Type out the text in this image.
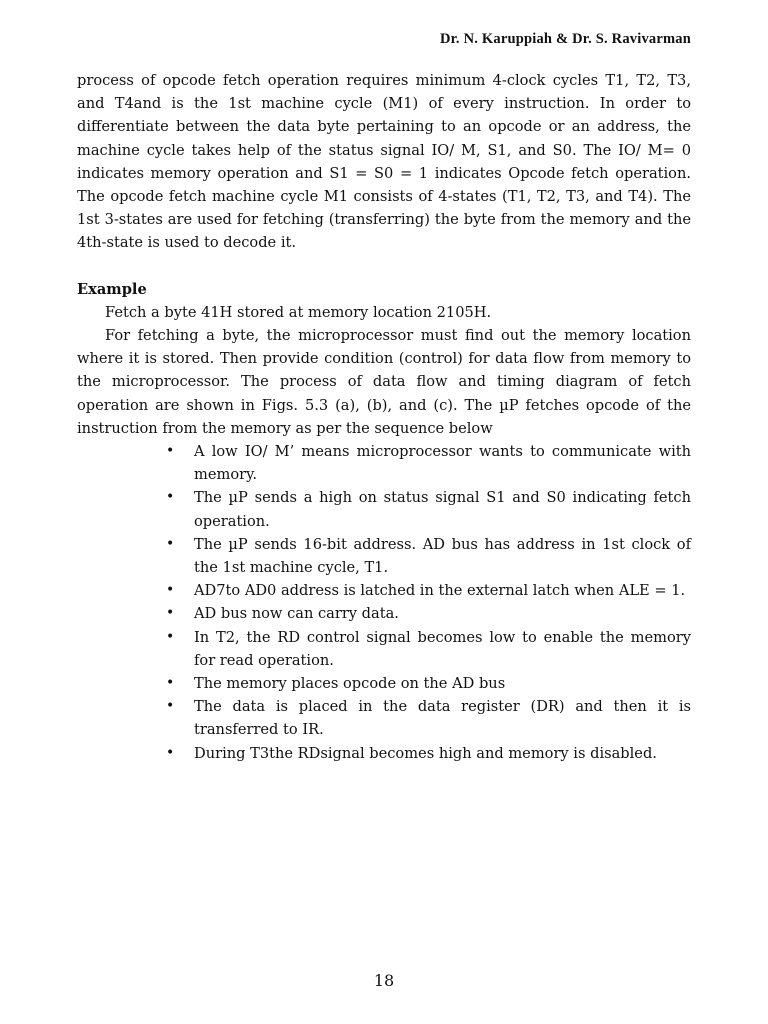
Dr. N. Karuppiah & Dr. S. Ravivarman

process of opcode fetch operation requires minimum 4-clock cycles T1, T2, T3, and T4and is the 1st machine cycle (M1) of every instruction. In order to differentiate between the data byte pertaining to an opcode or an address, the machine cycle takes help of the status signal IO/ M, S1, and S0. The IO/ M= 0 indicates memory operation and S1 = S0 = 1 indicates Opcode fetch operation. The opcode fetch machine cycle M1 consists of 4-states (T1, T2, T3, and T4). The 1st 3-states are used for fetching (transferring) the byte from the memory and the 4th-state is used to decode it.

Example

Fetch a byte 41H stored at memory location 2105H.

For fetching a byte, the microprocessor must find out the memory location where it is stored. Then provide condition (control) for data flow from memory to the microprocessor. The process of data flow and timing diagram of fetch operation are shown in Figs. 5.3 (a), (b), and (c). The µP fetches opcode of the instruction from the memory as per the sequence below

• A low IO/ M’ means microprocessor wants to communicate with memory.
• The µP sends a high on status signal S1 and S0 indicating fetch operation.
• The µP sends 16-bit address. AD bus has address in 1st clock of the 1st machine cycle, T1.
• AD7to AD0 address is latched in the external latch when ALE = 1.
• AD bus now can carry data.
• In T2, the RD control signal becomes low to enable the memory for read operation.
• The memory places opcode on the AD bus
• The data is placed in the data register (DR) and then it is transferred to IR.
• During T3the RDsignal becomes high and memory is disabled.
18
